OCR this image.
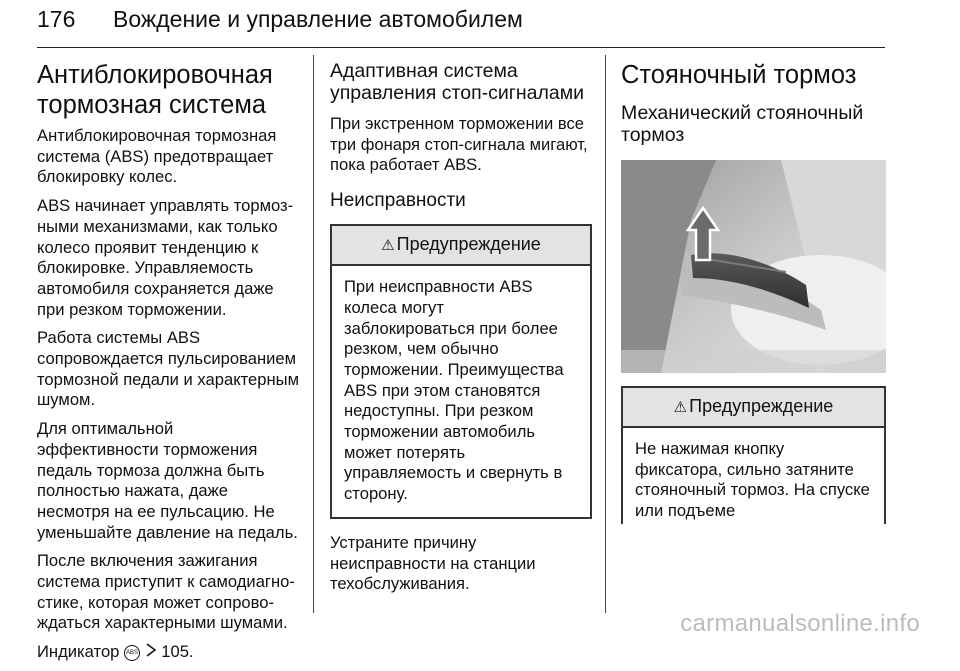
176 Вождение и управление автомобилем
Антиблокировочная тормозная система

Антиблокировочная тормозная система (ABS) предотвращает блокировку колес.

ABS начинает управлять тормозными механизмами, как только колесо проявит тенденцию к блокировке. Управляемость автомобиля сохраняется даже при резком торможении.

Работа системы ABS сопровождается пульсированием тормозной педали и характерным шумом.

Для оптимальной эффективности торможения педаль тормоза должна быть полностью нажата, даже несмотря на ее пульсацию. Не уменьшайте давление на педаль.

После включения зажигания система приступит к самодиагностике, которая может сопровождаться характерными шумами.

Индикатор ABS 105.

Адаптивная система управления стоп-сигналами

При экстренном торможении все три фонаря стоп-сигнала мигают, пока работает ABS.

Неисправности
⚠ Предупреждение
При неисправности ABS колеса могут заблокироваться при более резком, чем обычно торможении. Преимущества ABS при этом становятся недоступны. При резком торможении автомобиль может потерять управляемость и свернуть в сторону.

Устраните причину неисправности на станции техобслуживания.

Стояночный тормоз
Механический стояночный тормоз
⚠ Предупреждение
Не нажимая кнопку фиксатора, сильно затяните стояночный тормоз. На спуске или подъеме
carmanualsonline.info
